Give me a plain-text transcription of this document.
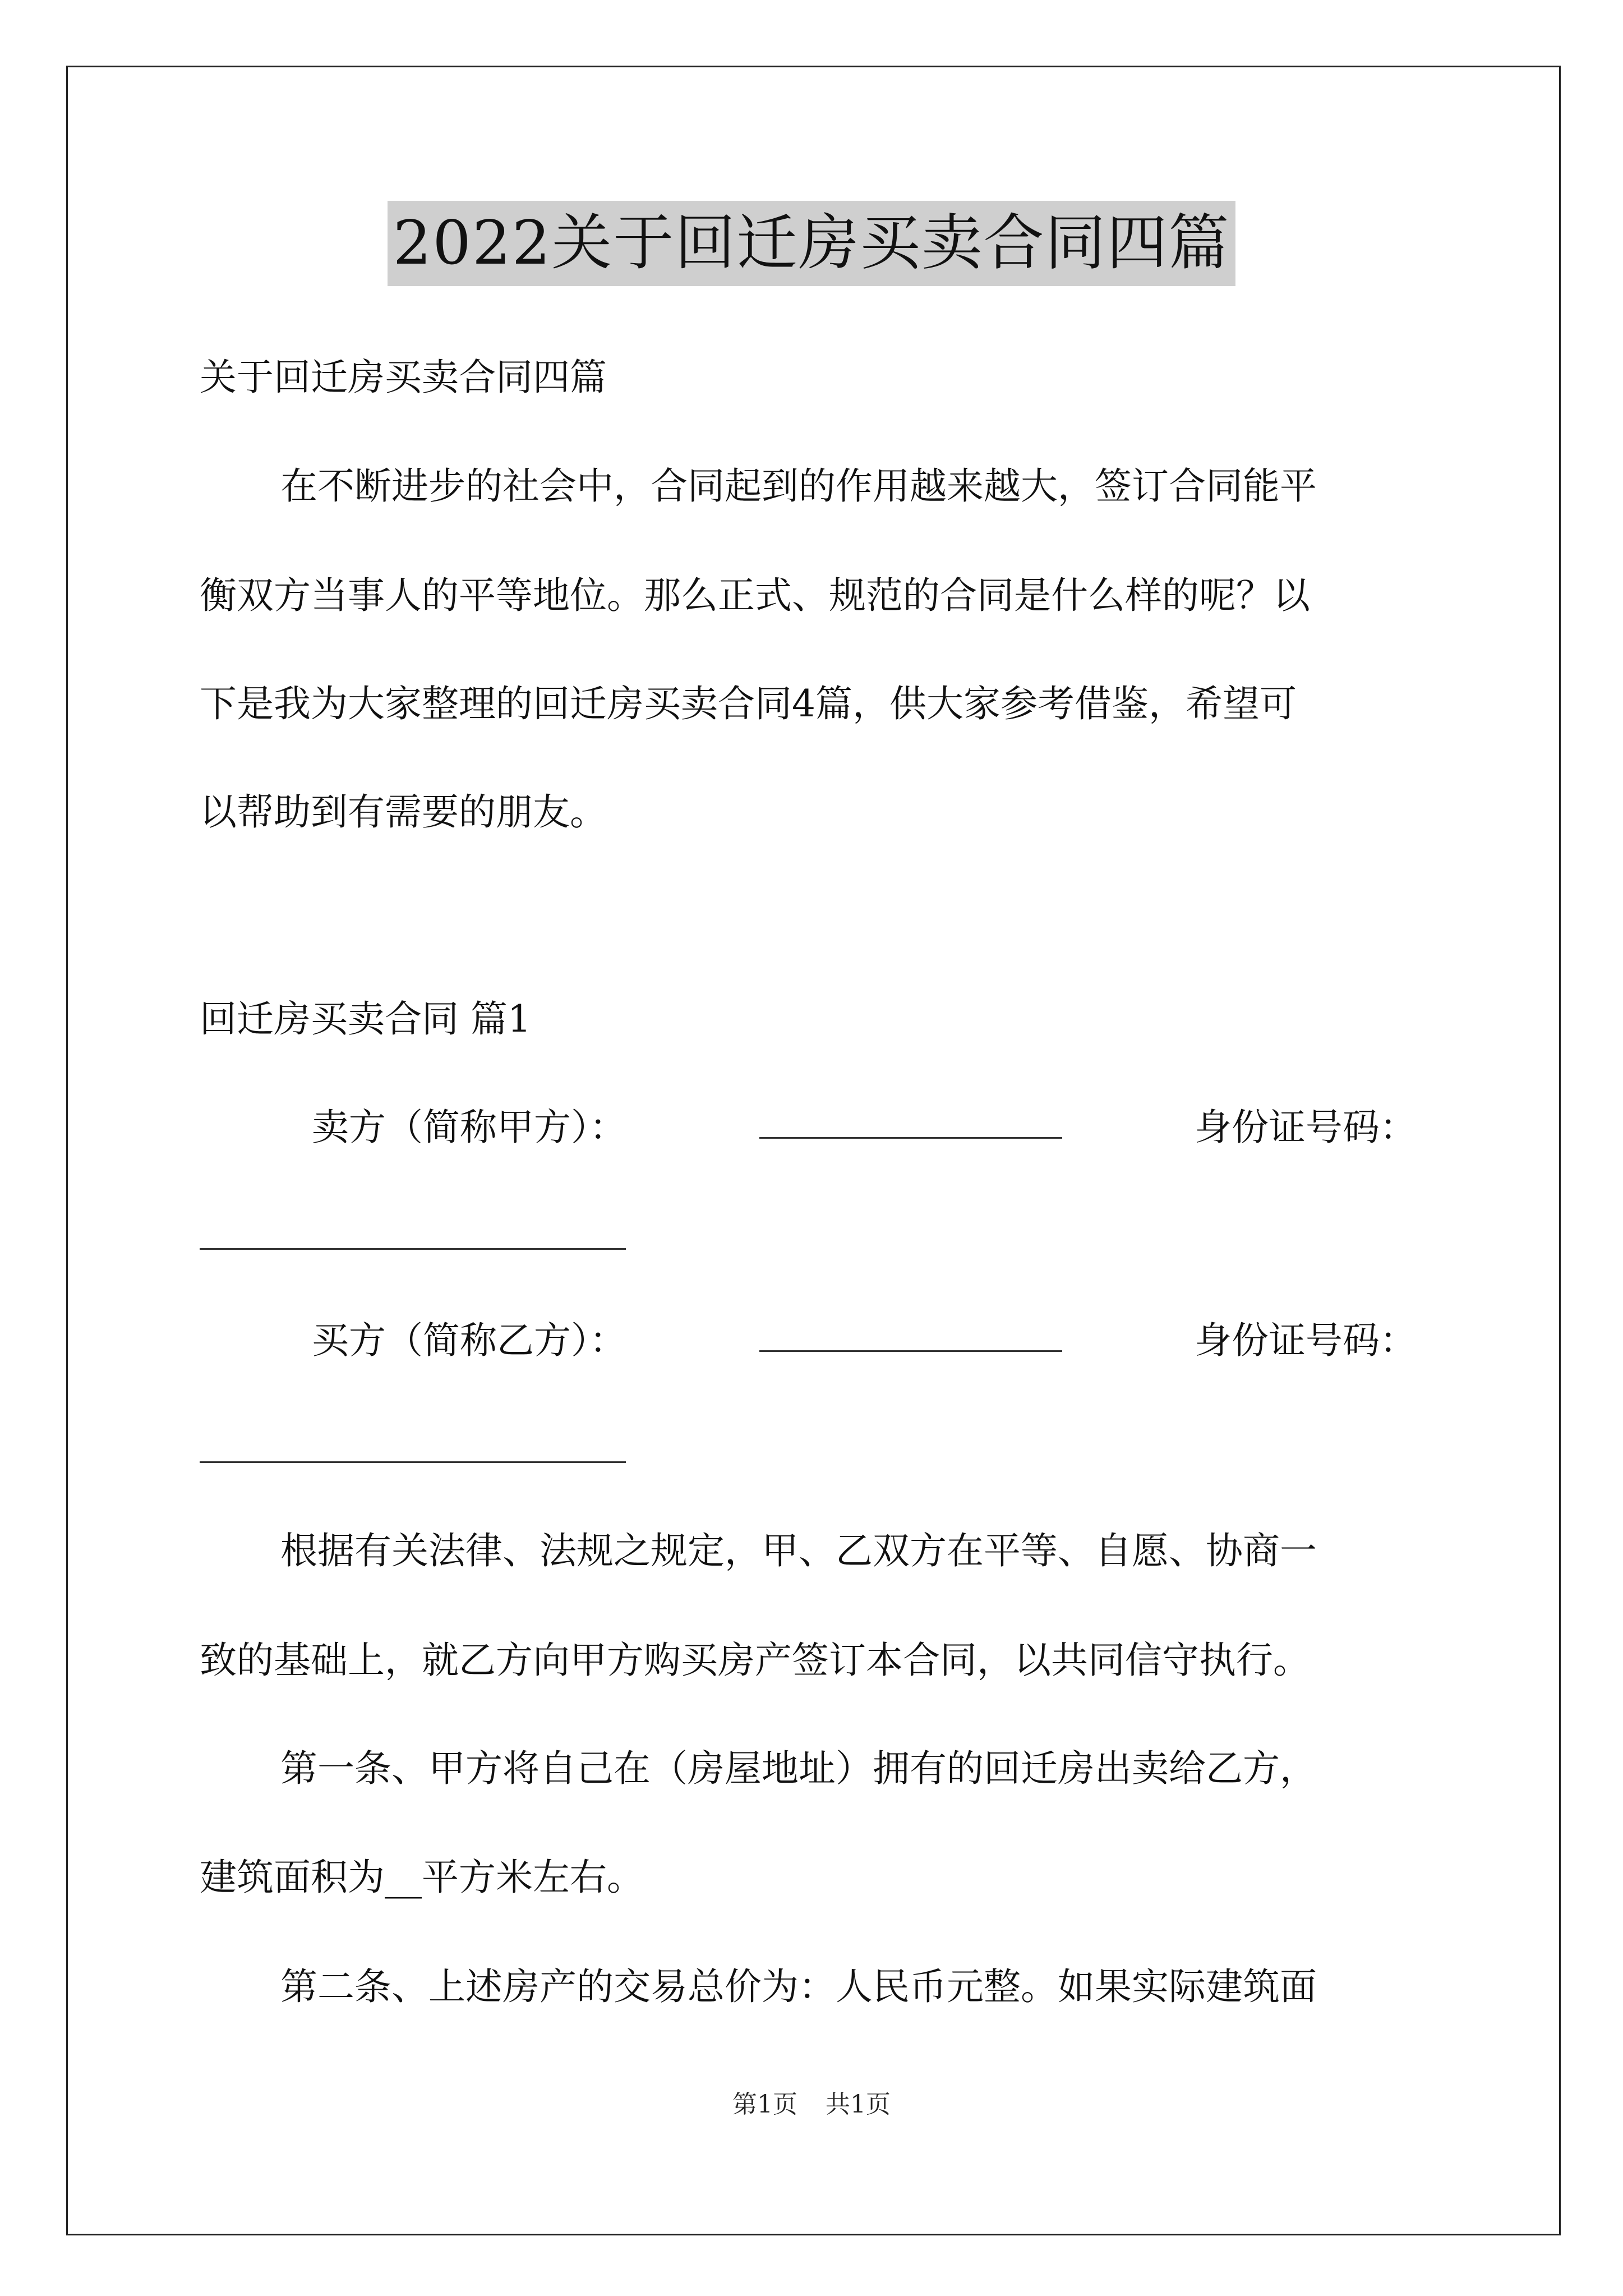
2022关于回迁房买卖合同四篇
关于回迁房买卖合同四篇
在不断进步的社会中，合同起到的作用越来越大，签订合同能平
衡双方当事人的平等地位。那么正式、规范的合同是什么样的呢？以
下是我为大家整理的回迁房买卖合同4篇，供大家参考借鉴，希望可
以帮助到有需要的朋友。
回迁房买卖合同 篇1
卖方（简称甲方）：	身份证号码：
买方（简称乙方）：	身份证号码：
根据有关法律、法规之规定，甲、乙双方在平等、自愿、协商一
致的基础上，就乙方向甲方购买房产签订本合同，以共同信守执行。
第一条、甲方将自己在（房屋地址）拥有的回迁房出卖给乙方，
建筑面积为__平方米左右。
第二条、上述房产的交易总价为：人民币元整。如果实际建筑面
第1页 共1页
